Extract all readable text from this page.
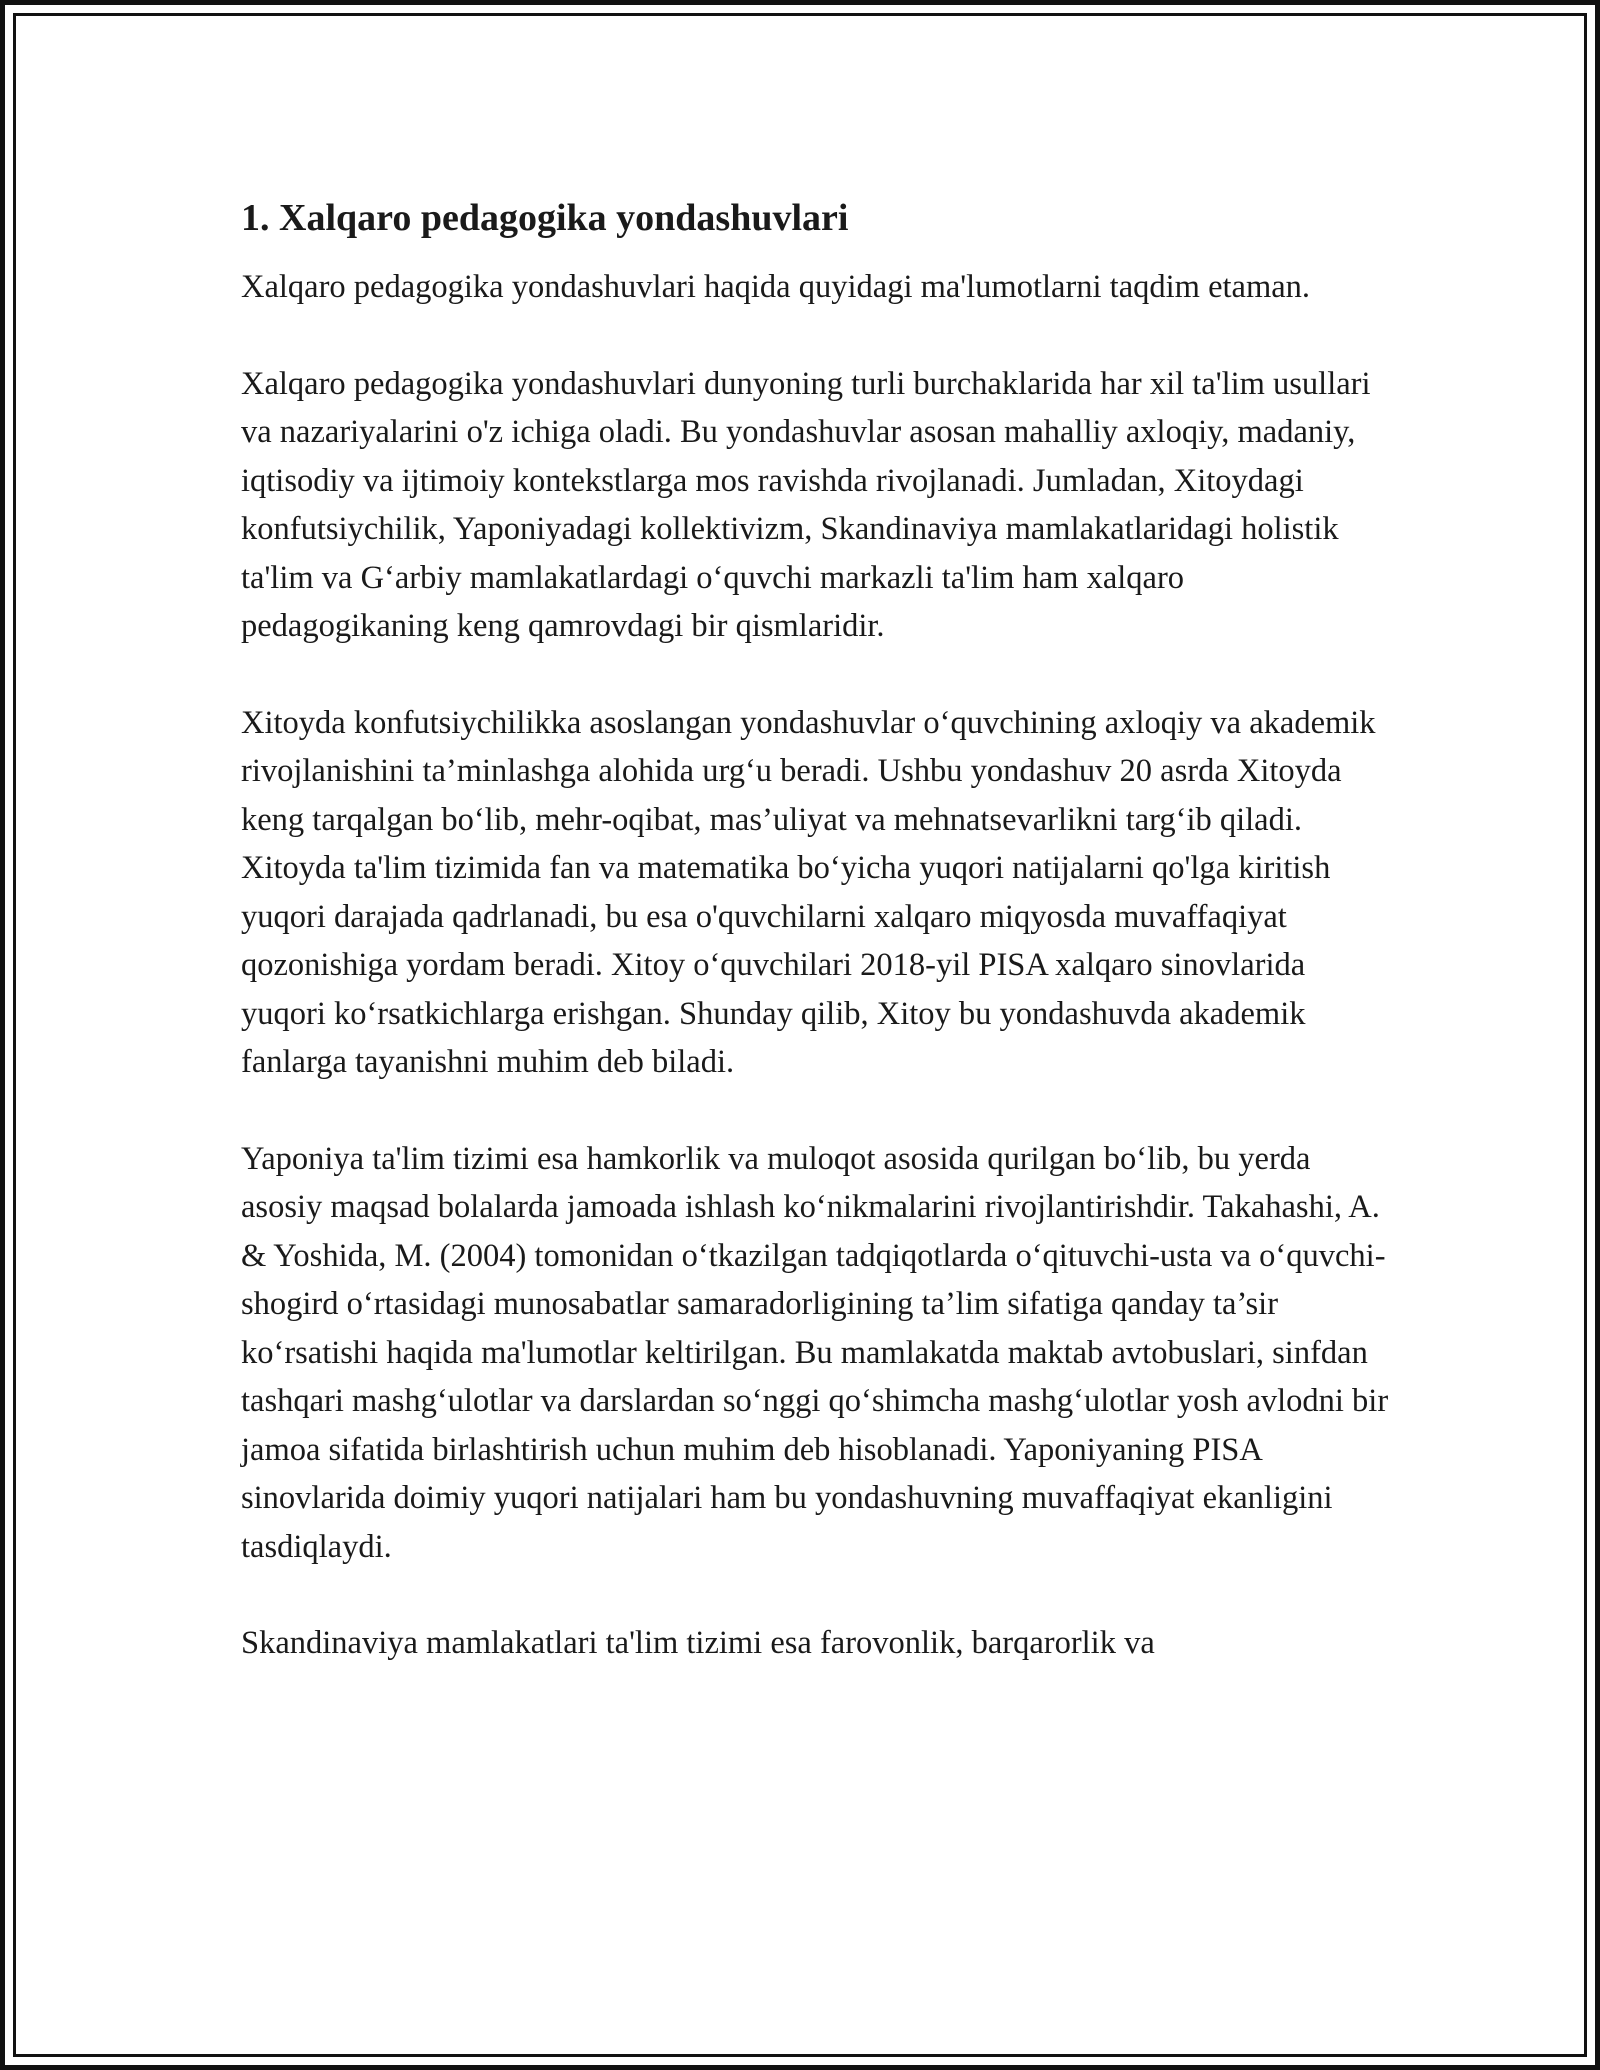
1. Xalqaro pedagogika yondashuvlari

Xalqaro pedagogika yondashuvlari haqida quyidagi ma'lumotlarni taqdim etaman.

Xalqaro pedagogika yondashuvlari dunyoning turli burchaklarida har xil ta'lim usullari va nazariyalarini o'z ichiga oladi. Bu yondashuvlar asosan mahalliy axloqiy, madaniy, iqtisodiy va ijtimoiy kontekstlarga mos ravishda rivojlanadi. Jumladan, Xitoydagi konfutsiychilik, Yaponiyadagi kollektivizm, Skandinaviya mamlakatlaridagi holistik ta'lim va G‘arbiy mamlakatlardagi o‘quvchi markazli ta'lim ham xalqaro pedagogikaning keng qamrovdagi bir qismlaridir.

Xitoyda konfutsiychilikka asoslangan yondashuvlar o‘quvchining axloqiy va akademik rivojlanishini ta’minlashga alohida urg‘u beradi. Ushbu yondashuv 20 asrda Xitoyda keng tarqalgan bo‘lib, mehr-oqibat, mas’uliyat va mehnatsevarlikni targ‘ib qiladi. Xitoyda ta'lim tizimida fan va matematika bo‘yicha yuqori natijalarni qo'lga kiritish yuqori darajada qadrlanadi, bu esa o'quvchilarni xalqaro miqyosda muvaffaqiyat qozonishiga yordam beradi. Xitoy o‘quvchilari 2018-yil PISA xalqaro sinovlarida yuqori ko‘rsatkichlarga erishgan. Shunday qilib, Xitoy bu yondashuvda akademik fanlarga tayanishni muhim deb biladi.

Yaponiya ta'lim tizimi esa hamkorlik va muloqot asosida qurilgan bo‘lib, bu yerda asosiy maqsad bolalarda jamoada ishlash ko‘nikmalarini rivojlantirishdir. Takahashi, A. & Yoshida, M. (2004) tomonidan o‘tkazilgan tadqiqotlarda o‘qituvchi-usta va o‘quvchi-shogird o‘rtasidagi munosabatlar samaradorligining ta’lim sifatiga qanday ta’sir ko‘rsatishi haqida ma'lumotlar keltirilgan. Bu mamlakatda maktab avtobuslari, sinfdan tashqari mashg‘ulotlar va darslardan so‘nggi qo‘shimcha mashg‘ulotlar yosh avlodni bir jamoa sifatida birlashtirish uchun muhim deb hisoblanadi. Yaponiyaning PISA sinovlarida doimiy yuqori natijalari ham bu yondashuvning muvaffaqiyat ekanligini tasdiqlaydi.

Skandinaviya mamlakatlari ta'lim tizimi esa farovonlik, barqarorlik va
